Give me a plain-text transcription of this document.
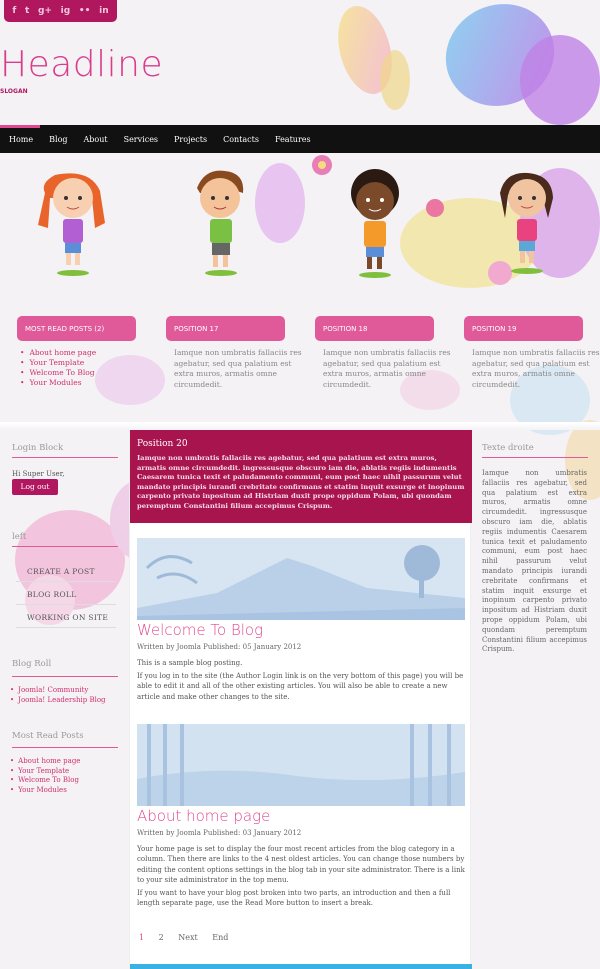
f t g+ ig •• in
Headline
SLOGAN
Home Blog About Services Projects Contacts Features
MOST READ POSTS (2)	POSITION 17	POSITION 18	POSITION 19
• About home page
• Your Template
• Welcome To Blog
• Your Modules
Iamque non umbratis fallaciis res agebatur, sed qua palatium est extra muros, armatis omne circumdedit.
Iamque non umbratis fallaciis res agebatur, sed qua palatium est extra muros, armatis omne circumdedit.
Iamque non umbratis fallaciis res agebatur, sed qua palatium est extra muros, armatis omne circumdedit.
Login Block
Hi Super User,
Log out
left
CREATE A POST
BLOG ROLL
WORKING ON SITE
Blog Roll
• Joomla! Community
• Joomla! Leadership Blog
Most Read Posts
• About home page
• Your Template
• Welcome To Blog
• Your Modules
Position 20

Iamque non umbratis fallaciis res agebatur, sed qua palatium est extra muros, armatis omne circumdedit. ingressusque obscuro iam die, ablatis regiis indumentis Caesarem tunica texit et paludamento communi, eum post haec nihil passurum velut mandato principis iurandi crebritate confirmans et statim inquit exsurge et inopinum carpento privato inpositum ad Histriam duxit prope oppidum Polam, ubi quondam peremptum Constantini filium accepimus Crispum.

Welcome To Blog
Written by Joomla Published: 05 January 2012
This is a sample blog posting.
If you log in to the site (the Author Login link is on the very bottom of this page) you will be able to edit it and all of the other existing articles. You will also be able to create a new article and make other changes to the site.
About home page
Written by Joomla Published: 03 January 2012
Your home page is set to display the four most recent articles from the blog category in a column. Then there are links to the 4 nest oldest articles. You can change those numbers by editing the content options settings in the blog tab in your site administrator. There is a link to your site administrator in the top menu.
If you want to have your blog post broken into two parts, an introduction and then a full length separate page, use the Read More button to insert a break.
1 2 Next End
Texte droite
Iamque non umbratis fallaciis res agebatur, sed qua palatium est extra muros, armatis omne circumdedit. ingressusque obscuro iam die, ablatis regiis indumentis Caesarem tunica texit et paludamento communi, eum post haec nihil passurum velut mandato principis iurandi crebritate confirmans et statim inquit exsurge et inopinum carpento privato inpositum ad Histriam duxit prope oppidum Polam, ubi quondam peremptum Constantini filium accepimus Crispum.
